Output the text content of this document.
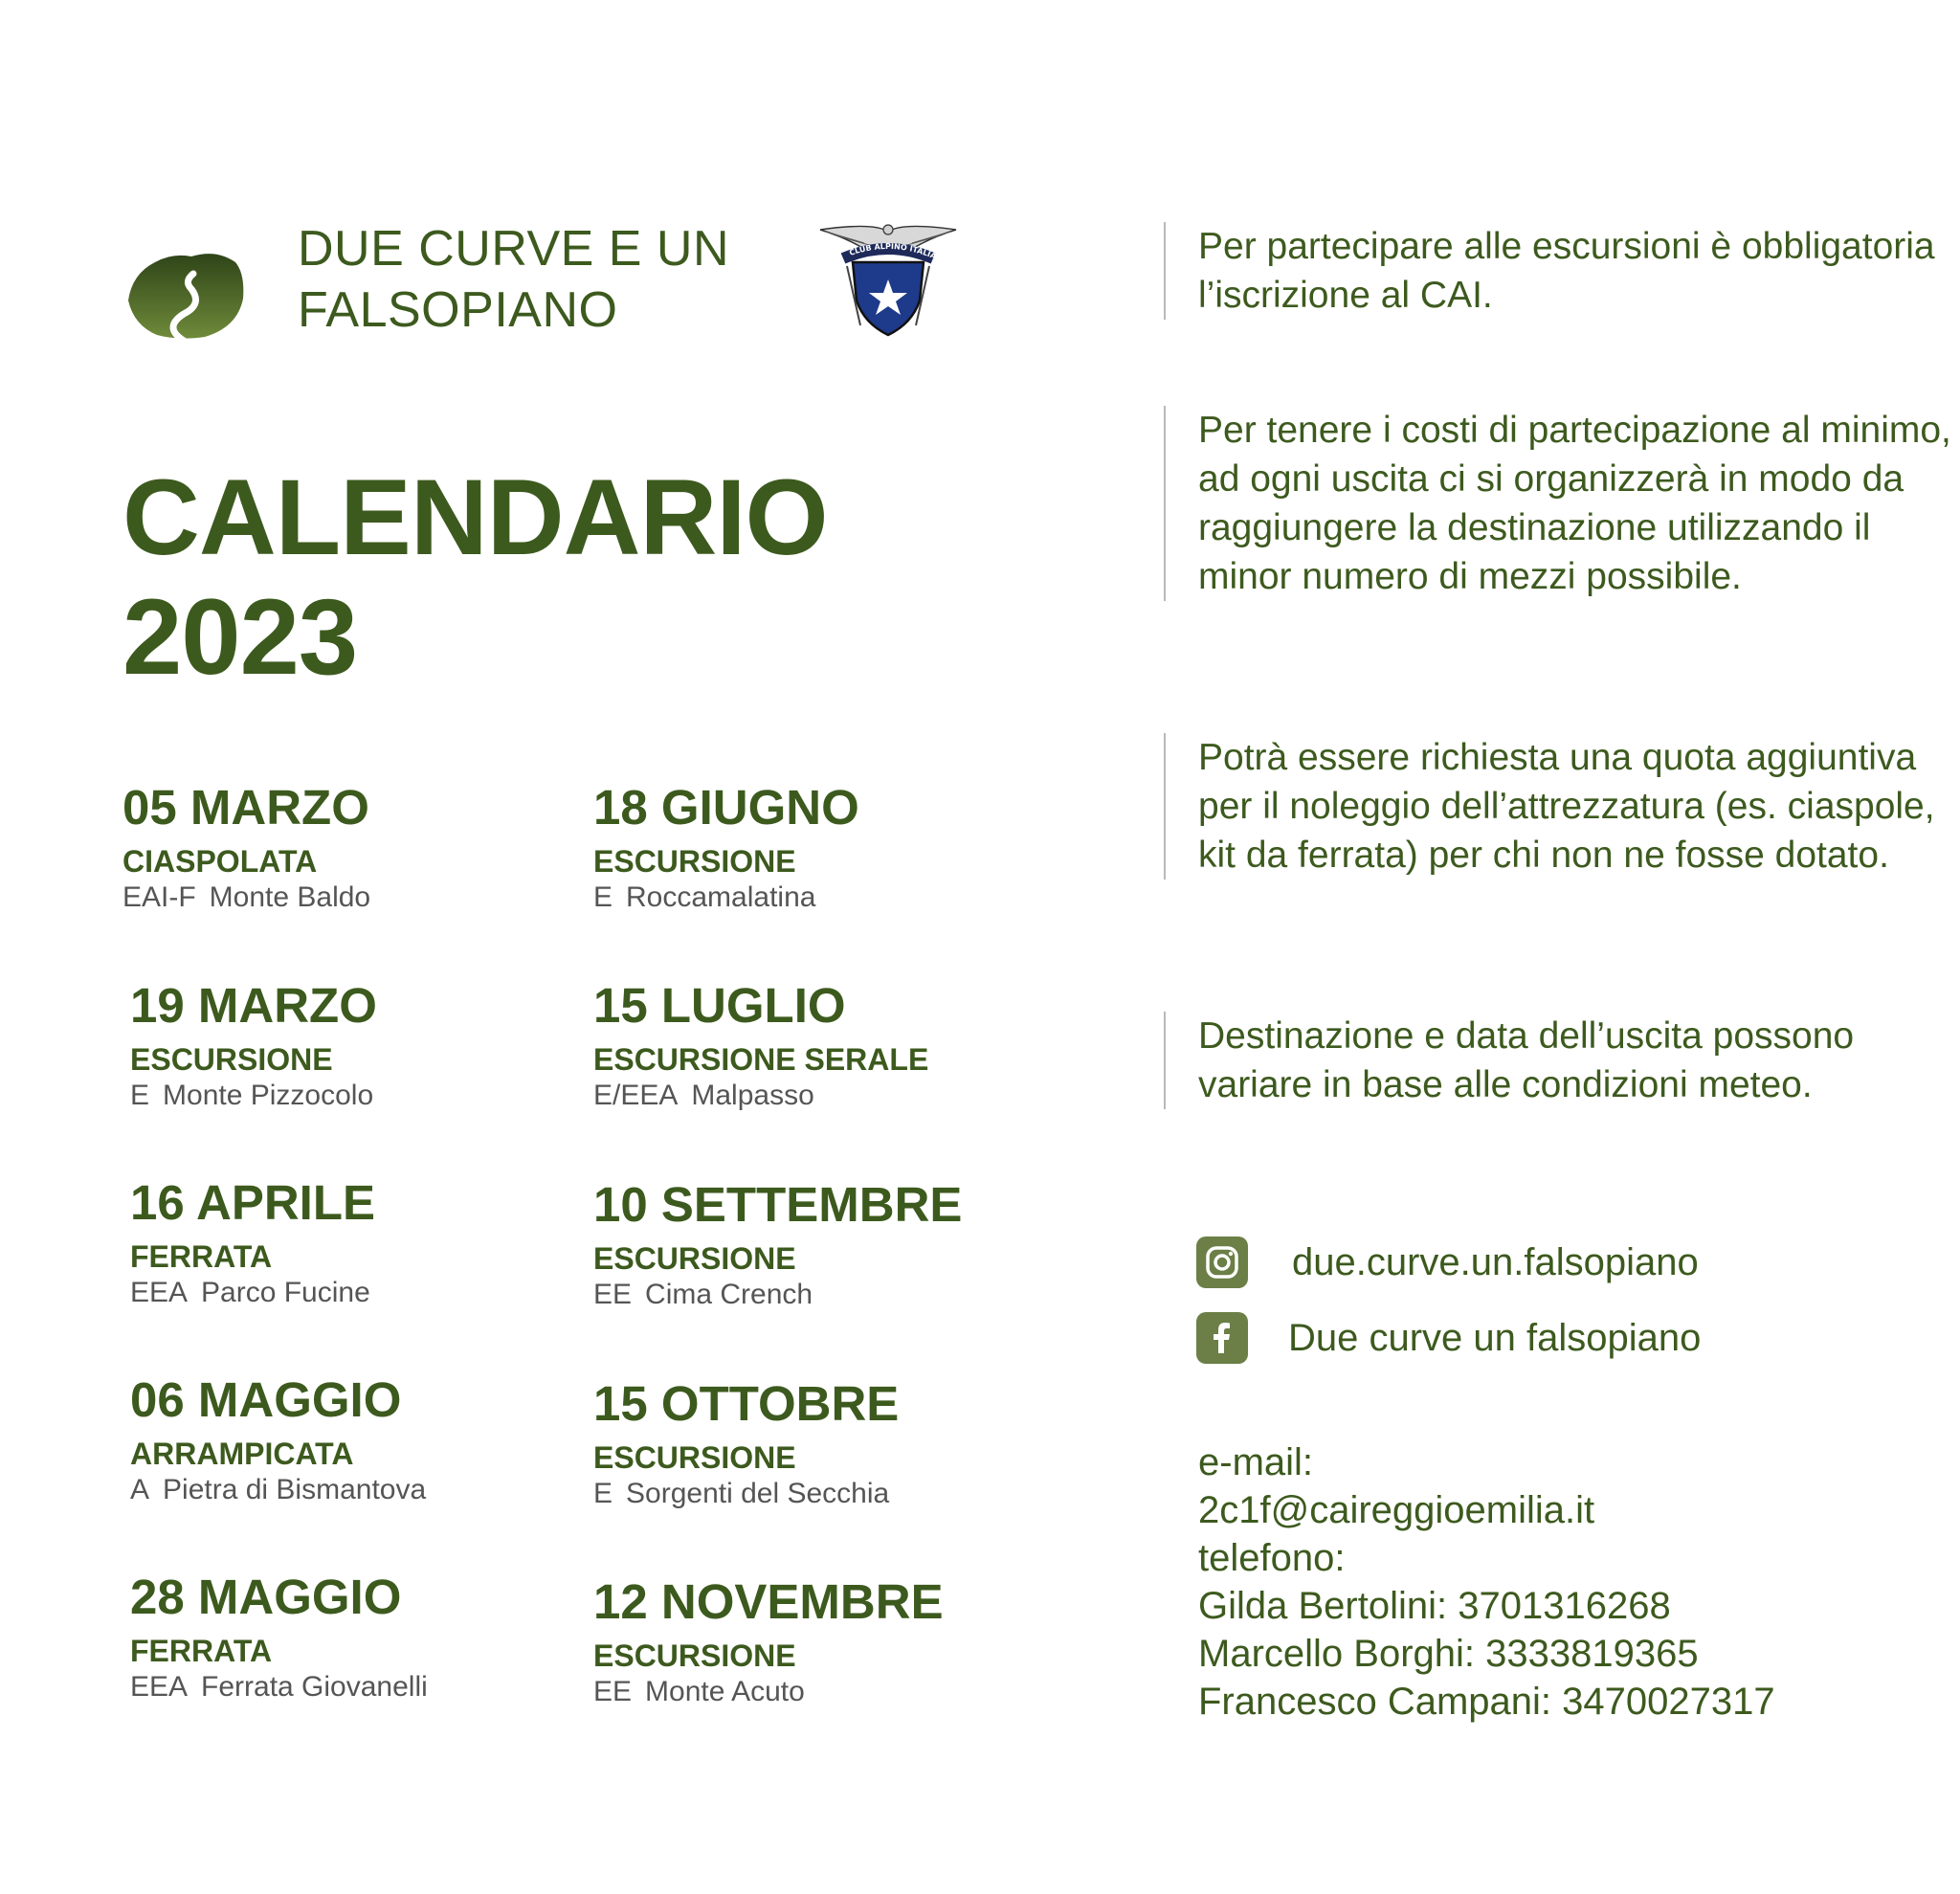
DUE CURVE E UN
FALSOPIANO
CLUB ALPINO ITALIA
CALENDARIO
2023
05 MARZO
CIASPOLATA
EAI-F Monte Baldo
19 MARZO
ESCURSIONE
E Monte Pizzocolo
16 APRILE
FERRATA
EEA Parco Fucine
06 MAGGIO
ARRAMPICATA
A Pietra di Bismantova
28 MAGGIO
FERRATA
EEA Ferrata Giovanelli
18 GIUGNO
ESCURSIONE
E Roccamalatina
15 LUGLIO
ESCURSIONE SERALE
E/EEA Malpasso
10 SETTEMBRE
ESCURSIONE
EE Cima Crench
15 OTTOBRE
ESCURSIONE
E Sorgenti del Secchia
12 NOVEMBRE
ESCURSIONE
EE Monte Acuto
Per partecipare alle escursioni è obbligatoria l’iscrizione al CAI.
Per tenere i costi di partecipazione al minimo, ad ogni uscita ci si organizzerà in modo da raggiungere la destinazione utilizzando il minor numero di mezzi possibile.
Potrà essere richiesta una quota aggiuntiva per il noleggio dell’attrezzatura (es. ciaspole, kit da ferrata) per chi non ne fosse dotato.
Destinazione e data dell’uscita possono variare in base alle condizioni meteo.
due.curve.un.falsopiano
Due curve un falsopiano
e-mail:
2c1f@caireggioemilia.it
telefono:
Gilda Bertolini: 3701316268
Marcello Borghi: 3333819365
Francesco Campani: 3470027317
